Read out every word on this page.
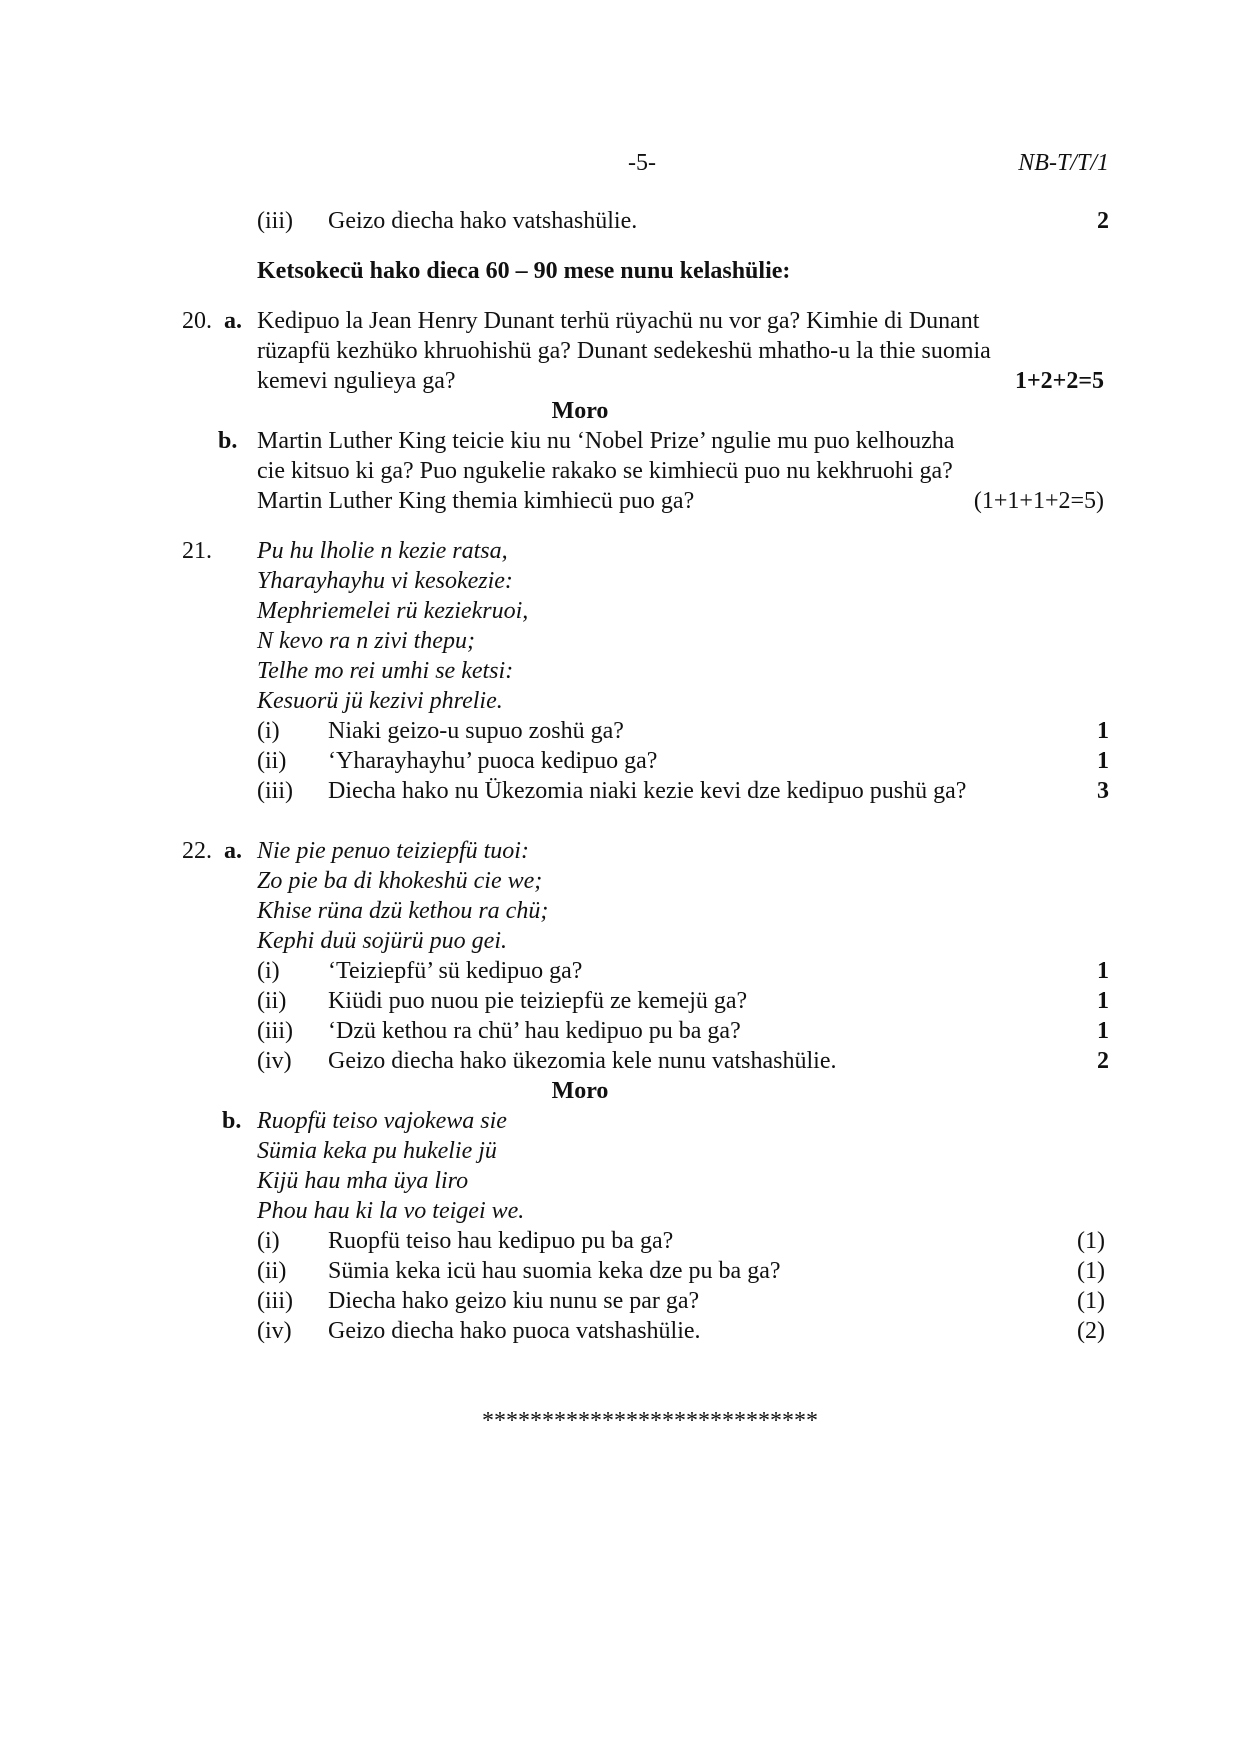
-5-	NB-T/T/1
(iii) Geizo diecha hako vatshashülie.	2
Ketsokecü hako dieca 60 – 90 mese nunu kelashülie:
20. a. Kedipuo la Jean Henry Dunant terhü rüyachü nu vor ga? Kimhie di Dunant
rüzapfü kezhüko khruohishü ga? Dunant sedekeshü mhatho-u la thie suomia
kemevi ngulieya ga?	1+2+2=5
Moro
b. Martin Luther King teicie kiu nu ‘Nobel Prize’ ngulie mu puo kelhouzha
cie kitsuo ki ga? Puo ngukelie rakako se kimhiecü puo nu kekhruohi ga?
Martin Luther King themia kimhiecü puo ga?	(1+1+1+2=5)
21. Pu hu lholie n kezie ratsa,
Yharayhayhu vi kesokezie:
Mephriemelei rü keziekruoi,
N kevo ra n zivi thepu;
Telhe mo rei umhi se ketsi:
Kesuorü jü kezivi phrelie.
(i) Niaki geizo-u supuo zoshü ga?	1
(ii) ‘Yharayhayhu’ puoca kedipuo ga?	1
(iii) Diecha hako nu Ükezomia niaki kezie kevi dze kedipuo pushü ga?	3
22. a. Nie pie penuo teiziepfü tuoi:
Zo pie ba di khokeshü cie we;
Khise rüna dzü kethou ra chü;
Kephi duü sojürü puo gei.
(i) ‘Teiziepfü’ sü kedipuo ga?	1
(ii) Kiüdi puo nuou pie teiziepfü ze kemejü ga?	1
(iii) ‘Dzü kethou ra chü’ hau kedipuo pu ba ga?	1
(iv) Geizo diecha hako ükezomia kele nunu vatshashülie.	2
Moro
b. Ruopfü teiso vajokewa sie
Sümia keka pu hukelie jü
Kijü hau mha üya liro
Phou hau ki la vo teigei we.
(i) Ruopfü teiso hau kedipuo pu ba ga?	(1)
(ii) Sümia keka icü hau suomia keka dze pu ba ga?	(1)
(iii) Diecha hako geizo kiu nunu se par ga?	(1)
(iv) Geizo diecha hako puoca vatshashülie.	(2)
****************************
